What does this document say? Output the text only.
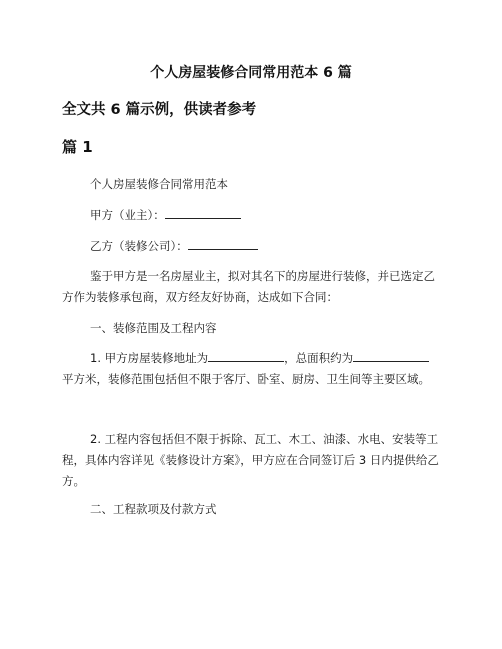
个人房屋装修合同常用范本 6 篇
全文共 6 篇示例，供读者参考
篇 1

个人房屋装修合同常用范本

甲方（业主）：

乙方（装修公司）：

鉴于甲方是一名房屋业主，拟对其名下的房屋进行装修，并已选定乙方作为装修承包商，双方经友好协商，达成如下合同：

一、装修范围及工程内容

1. 甲方房屋装修地址为	，总面积约为平方米，装修范围包括但不限于客厅、卧室、厨房、卫生间等主要区域。

2. 工程内容包括但不限于拆除、瓦工、木工、油漆、水电、安装等工程，具体内容详见《装修设计方案》，甲方应在合同签订后 3 日内提供给乙方。

二、工程款项及付款方式
